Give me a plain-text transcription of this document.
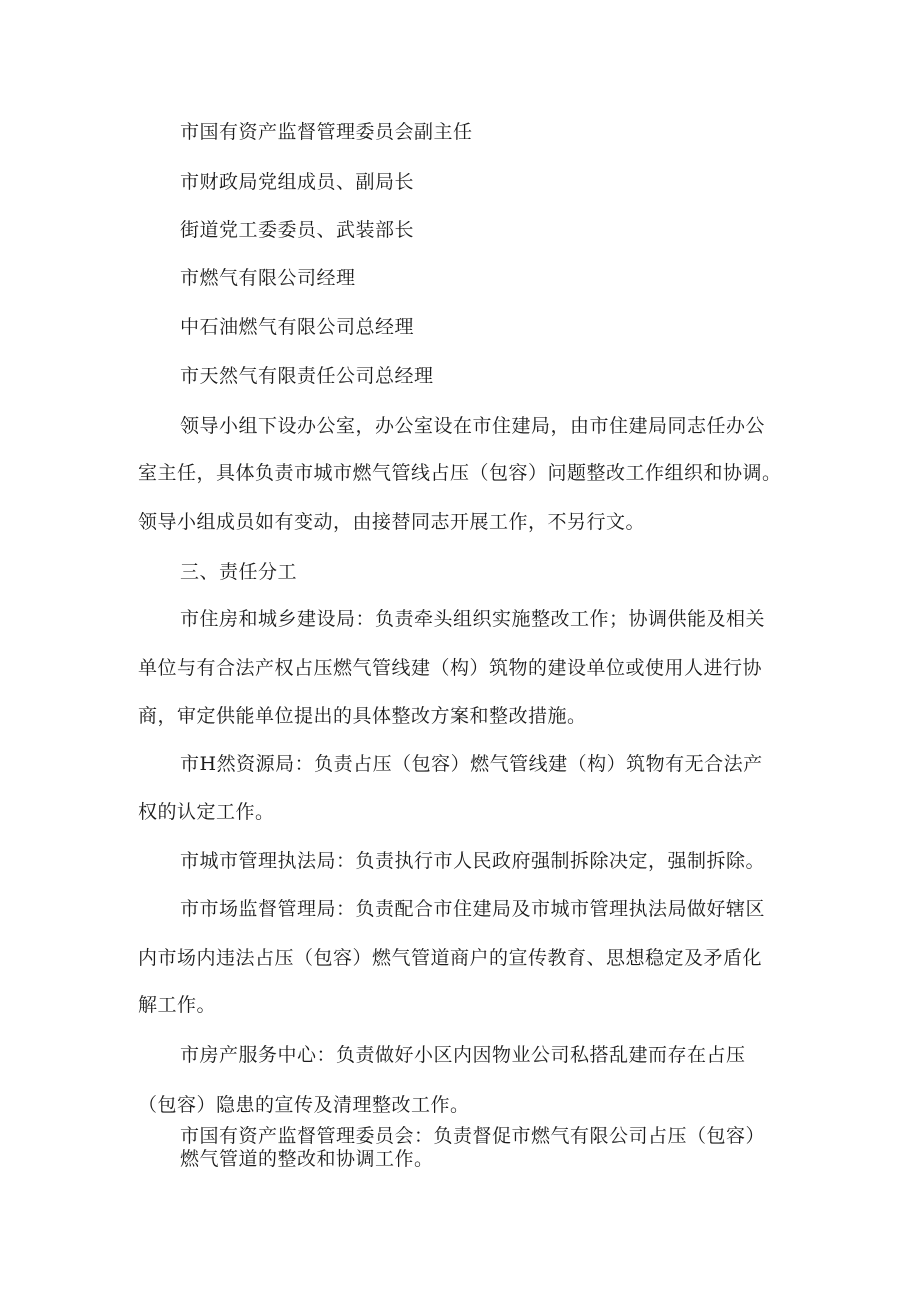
市国有资产监督管理委员会副主任
市财政局党组成员、副局长
街道党工委委员、武装部长
市燃气有限公司经理
中石油燃气有限公司总经理
市天然气有限责任公司总经理
领导小组下设办公室，办公室设在市住建局，由市住建局同志任办公
室主任，具体负责市城市燃气管线占压（包容）问题整改工作组织和协调。
领导小组成员如有变动，由接替同志开展工作，不另行文。
三、责任分工
市住房和城乡建设局：负责牵头组织实施整改工作；协调供能及相关
单位与有合法产权占压燃气管线建（构）筑物的建设单位或使用人进行协
商，审定供能单位提出的具体整改方案和整改措施。
市H然资源局：负责占压（包容）燃气管线建（构）筑物有无合法产
权的认定工作。
市城市管理执法局：负责执行市人民政府强制拆除决定，强制拆除。
市市场监督管理局：负责配合市住建局及市城市管理执法局做好辖区
内市场内违法占压（包容）燃气管道商户的宣传教育、思想稳定及矛盾化
解工作。
市房产服务中心：负责做好小区内因物业公司私搭乱建而存在占压
（包容）隐患的宣传及清理整改工作。
市国有资产监督管理委员会：负责督促市燃气有限公司占压（包容）
燃气管道的整改和协调工作。
